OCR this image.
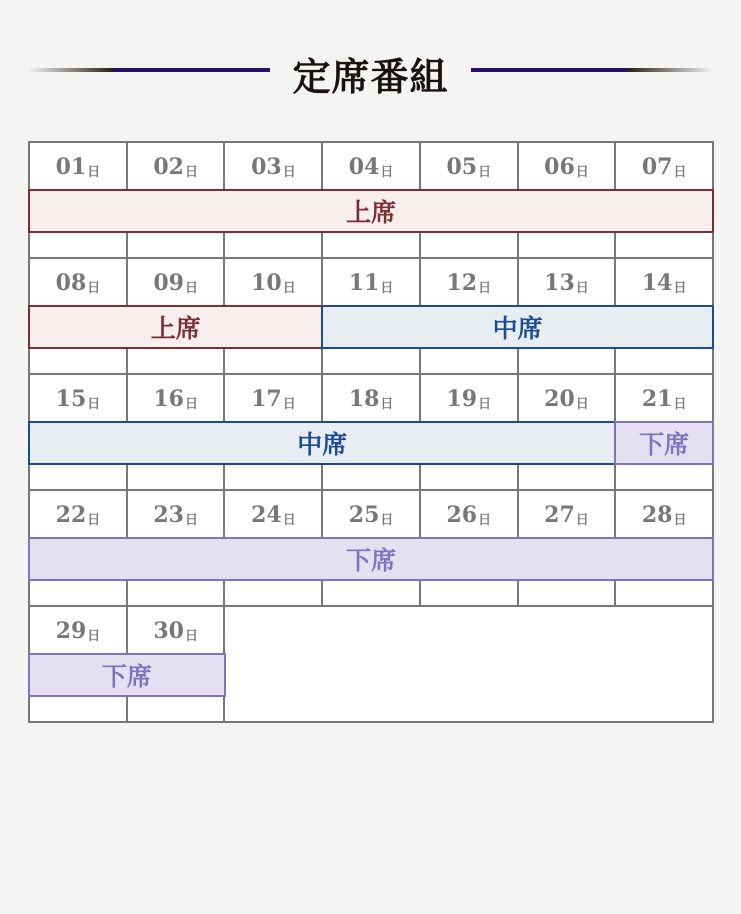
定席番組
01 日 02 日 03 日 04 日 05 日 06 日 07 日
08 日 09 日 10 日 11 日 12 日 13 日 14 日
15 日 16 日 17 日 18 日 19 日 20 日 21 日
22 日 23 日 24 日 25 日 26 日 27 日 28 日
29 日 30 日
上席
上席	中席
中席	下席
下席
下席
